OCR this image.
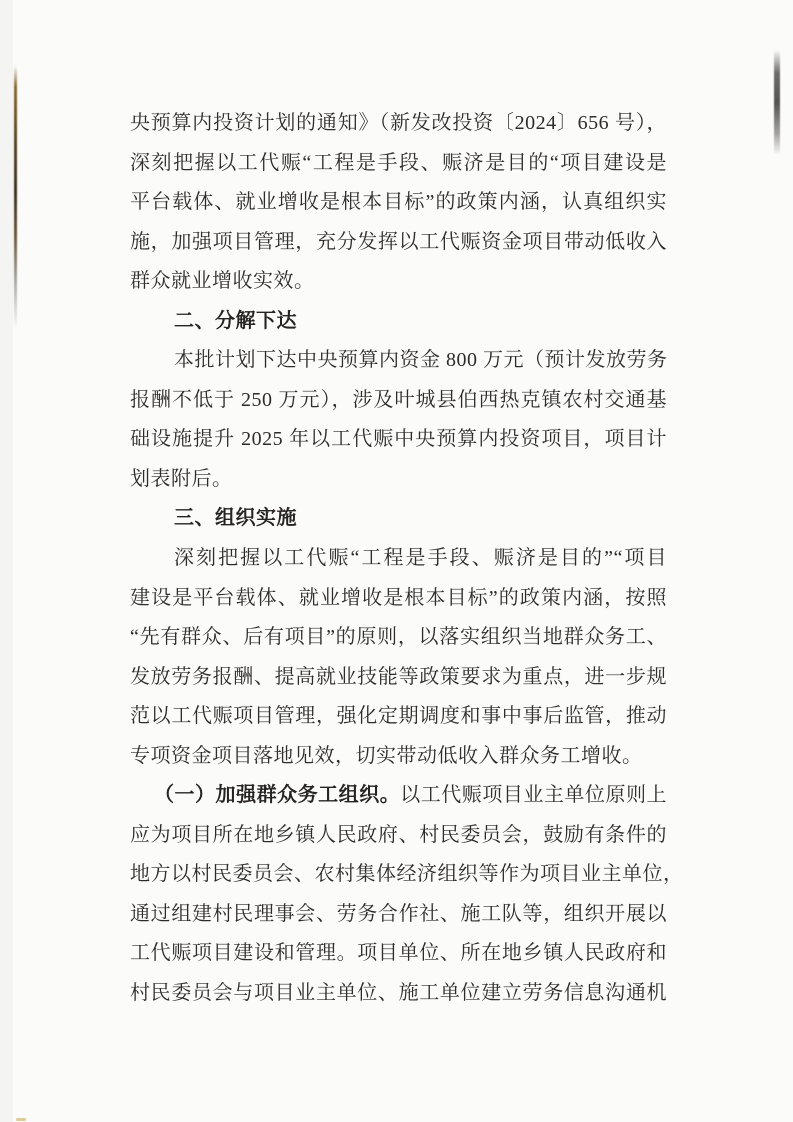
央预算内投资计划的通知》（新发改投资〔2024〕656 号），
深刻把握以工代赈“工程是手段、赈济是目的“项目建设是
平台载体、就业增收是根本目标”的政策内涵，认真组织实
施，加强项目管理，充分发挥以工代赈资金项目带动低收入
群众就业增收实效。
二、分解下达
本批计划下达中央预算内资金 800 万元（预计发放劳务
报酬不低于 250 万元），涉及叶城县伯西热克镇农村交通基
础设施提升 2025 年以工代赈中央预算内投资项目，项目计
划表附后。
三、组织实施
深刻把握以工代赈“工程是手段、赈济是目的”“项目
建设是平台载体、就业增收是根本目标”的政策内涵，按照
“先有群众、后有项目”的原则，以落实组织当地群众务工、
发放劳务报酬、提高就业技能等政策要求为重点，进一步规
范以工代赈项目管理，强化定期调度和事中事后监管，推动
专项资金项目落地见效，切实带动低收入群众务工增收。
（一）加强群众务工组织。以工代赈项目业主单位原则上
应为项目所在地乡镇人民政府、村民委员会，鼓励有条件的
地方以村民委员会、农村集体经济组织等作为项目业主单位，
通过组建村民理事会、劳务合作社、施工队等，组织开展以
工代赈项目建设和管理。项目单位、所在地乡镇人民政府和
村民委员会与项目业主单位、施工单位建立劳务信息沟通机
